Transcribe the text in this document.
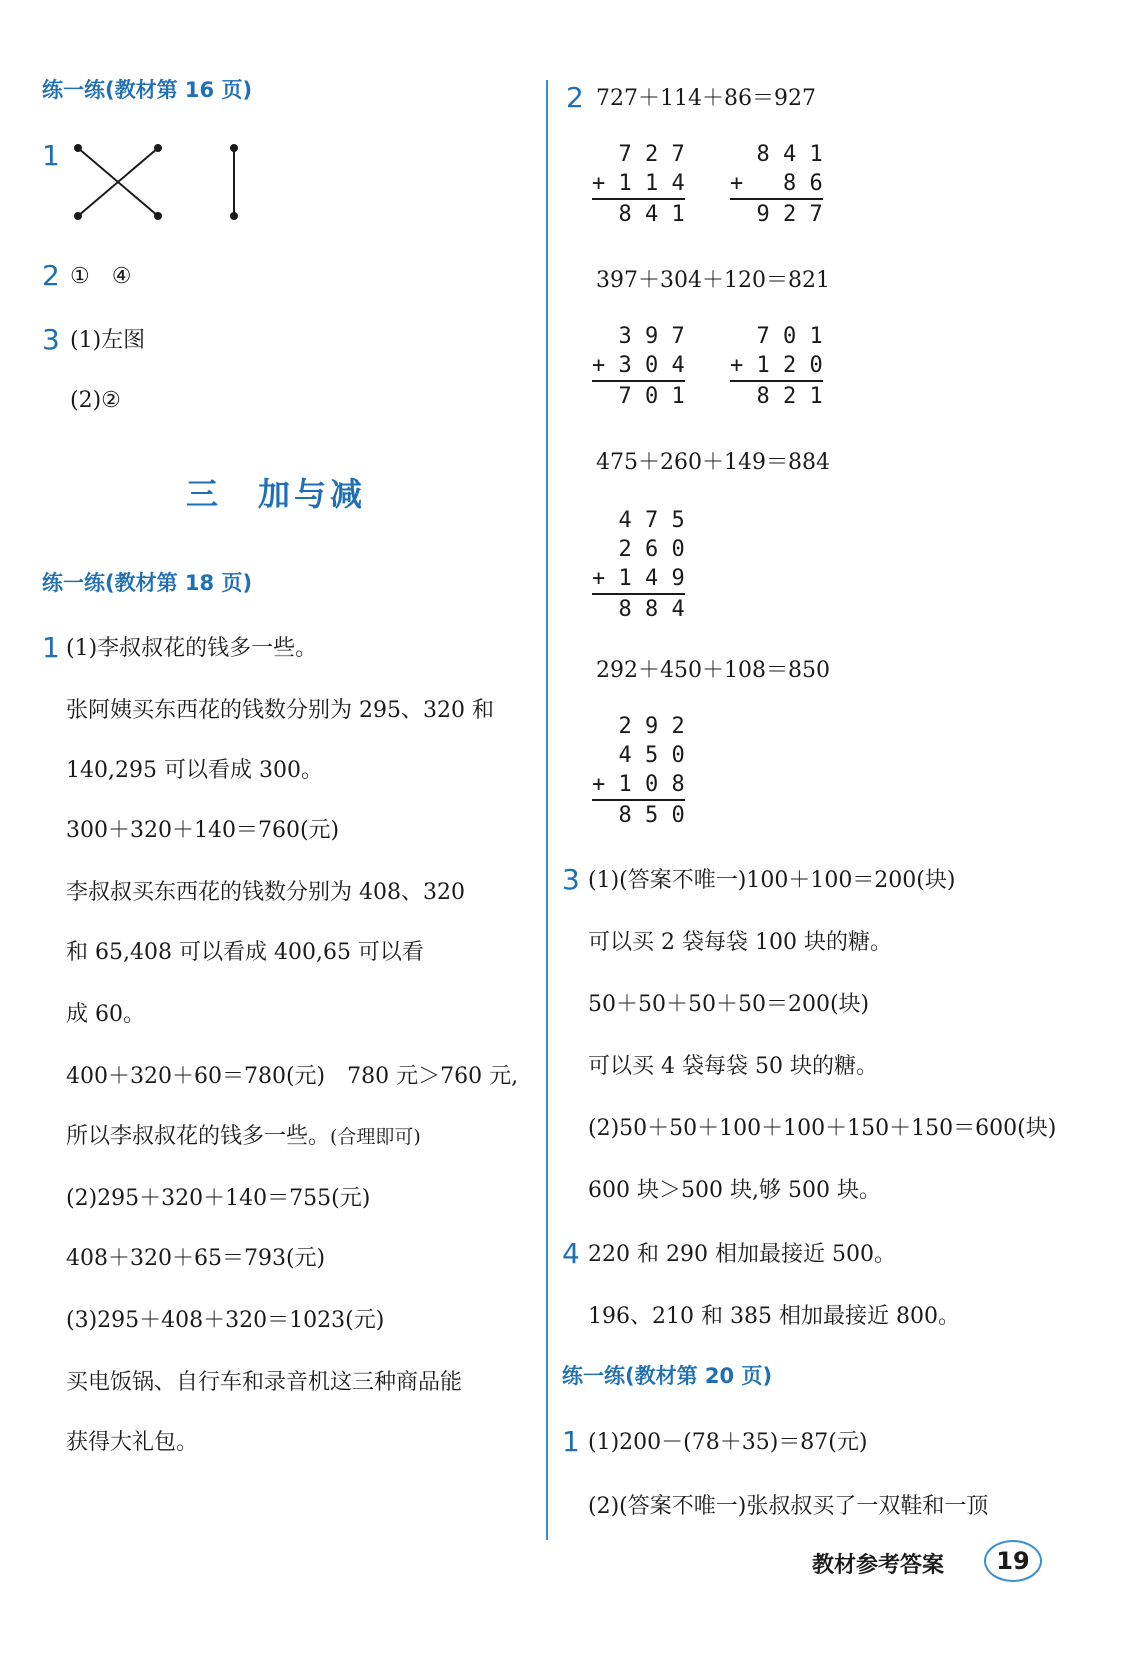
练一练(教材第 16 页)
1
2 ①　④
3 (1)左图
(2)②
三　加与减
练一练(教材第 18 页)
1 (1)李叔叔花的钱多一些。
张阿姨买东西花的钱数分别为 295、320 和
140,295 可以看成 300。
300＋320＋140＝760(元)
李叔叔买东西花的钱数分别为 408、320
和 65,408 可以看成 400,65 可以看
成 60。
400＋320＋60＝780(元)　780 元＞760 元,
所以李叔叔花的钱多一些。(合理即可)
(2)295＋320＋140＝755(元)
408＋320＋65＝793(元)
(3)295＋408＋320＝1023(元)
买电饭锅、自行车和录音机这三种商品能
获得大礼包。
2 727＋114＋86＝927
7 2 7
+ 1 1 4
8 4 1
8 4 1
+   8 6
9 2 7
397＋304＋120＝821
3 9 7
+ 3 0 4
7 0 1
7 0 1
+ 1 2 0
8 2 1
475＋260＋149＝884
4 7 5
2 6 0
+ 1 4 9
8 8 4
292＋450＋108＝850
2 9 2
4 5 0
+ 1 0 8
8 5 0
3 (1)(答案不唯一)100＋100＝200(块)
可以买 2 袋每袋 100 块的糖。
50＋50＋50＋50＝200(块)
可以买 4 袋每袋 50 块的糖。
(2)50＋50＋100＋100＋150＋150＝600(块)
600 块＞500 块,够 500 块。
4 220 和 290 相加最接近 500。
196、210 和 385 相加最接近 800。
练一练(教材第 20 页)
1 (1)200－(78＋35)＝87(元)
(2)(答案不唯一)张叔叔买了一双鞋和一顶
教材参考答案 19
